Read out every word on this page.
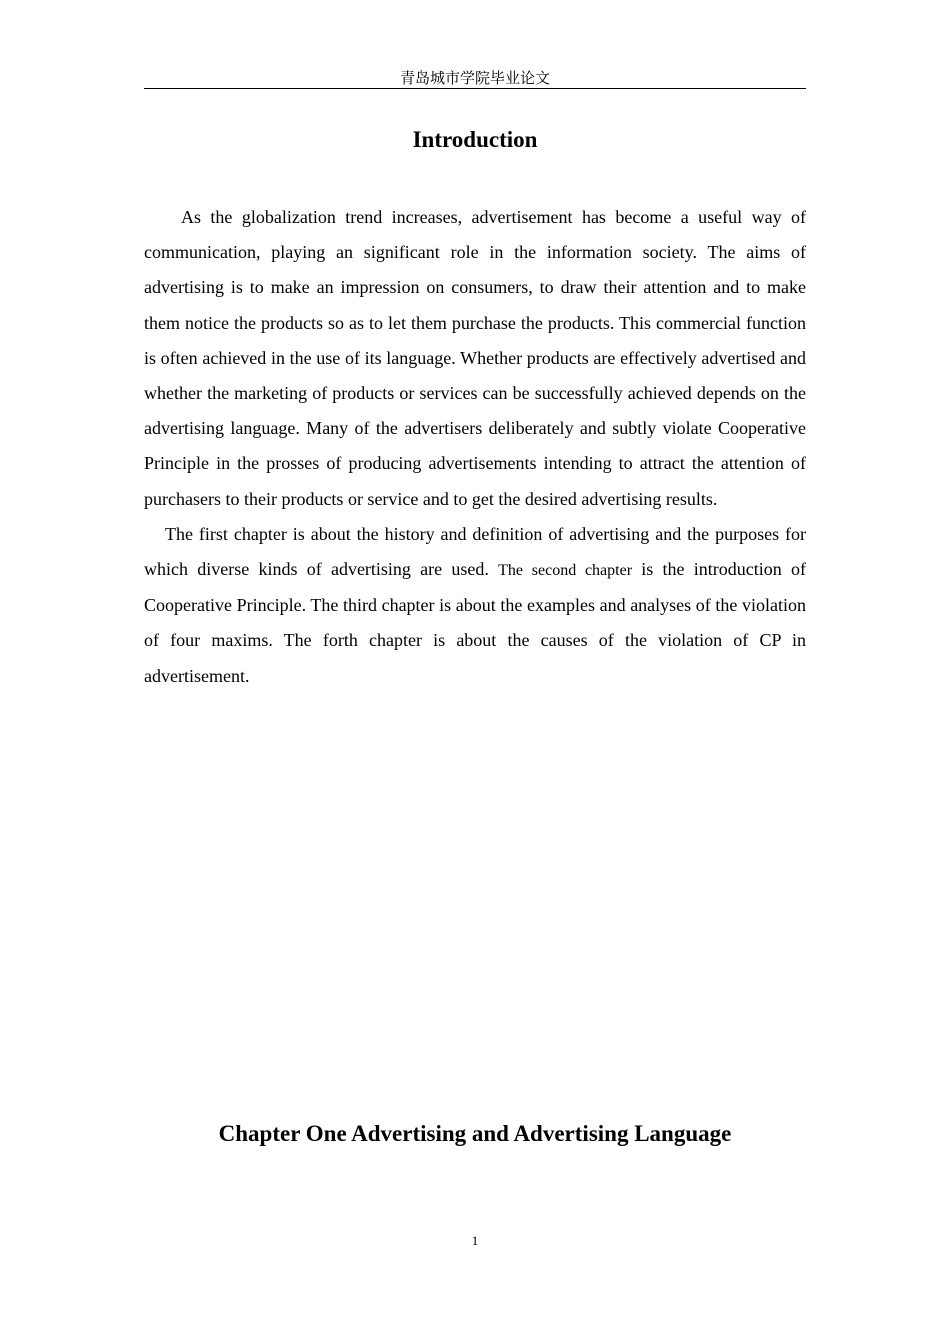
青岛城市学院毕业论文
Introduction

As the globalization trend increases, advertisement has become a useful way of communication, playing an significant role in the information society. The aims of advertising is to make an impression on consumers, to draw their attention and to make them notice the products so as to let them purchase the products. This commercial function is often achieved in the use of its language. Whether products are effectively advertised and whether the marketing of products or services can be successfully achieved depends on the advertising language. Many of the advertisers deliberately and subtly violate Cooperative Principle in the prosses of producing advertisements intending to attract the attention of purchasers to their products or service and to get the desired advertising results.

The first chapter is about the history and definition of advertising and the purposes for which diverse kinds of advertising are used. The second chapter is the introduction of Cooperative Principle. The third chapter is about the examples and analyses of the violation of four maxims. The forth chapter is about the causes of the violation of CP in advertisement.

Chapter One Advertising and Advertising Language
1
